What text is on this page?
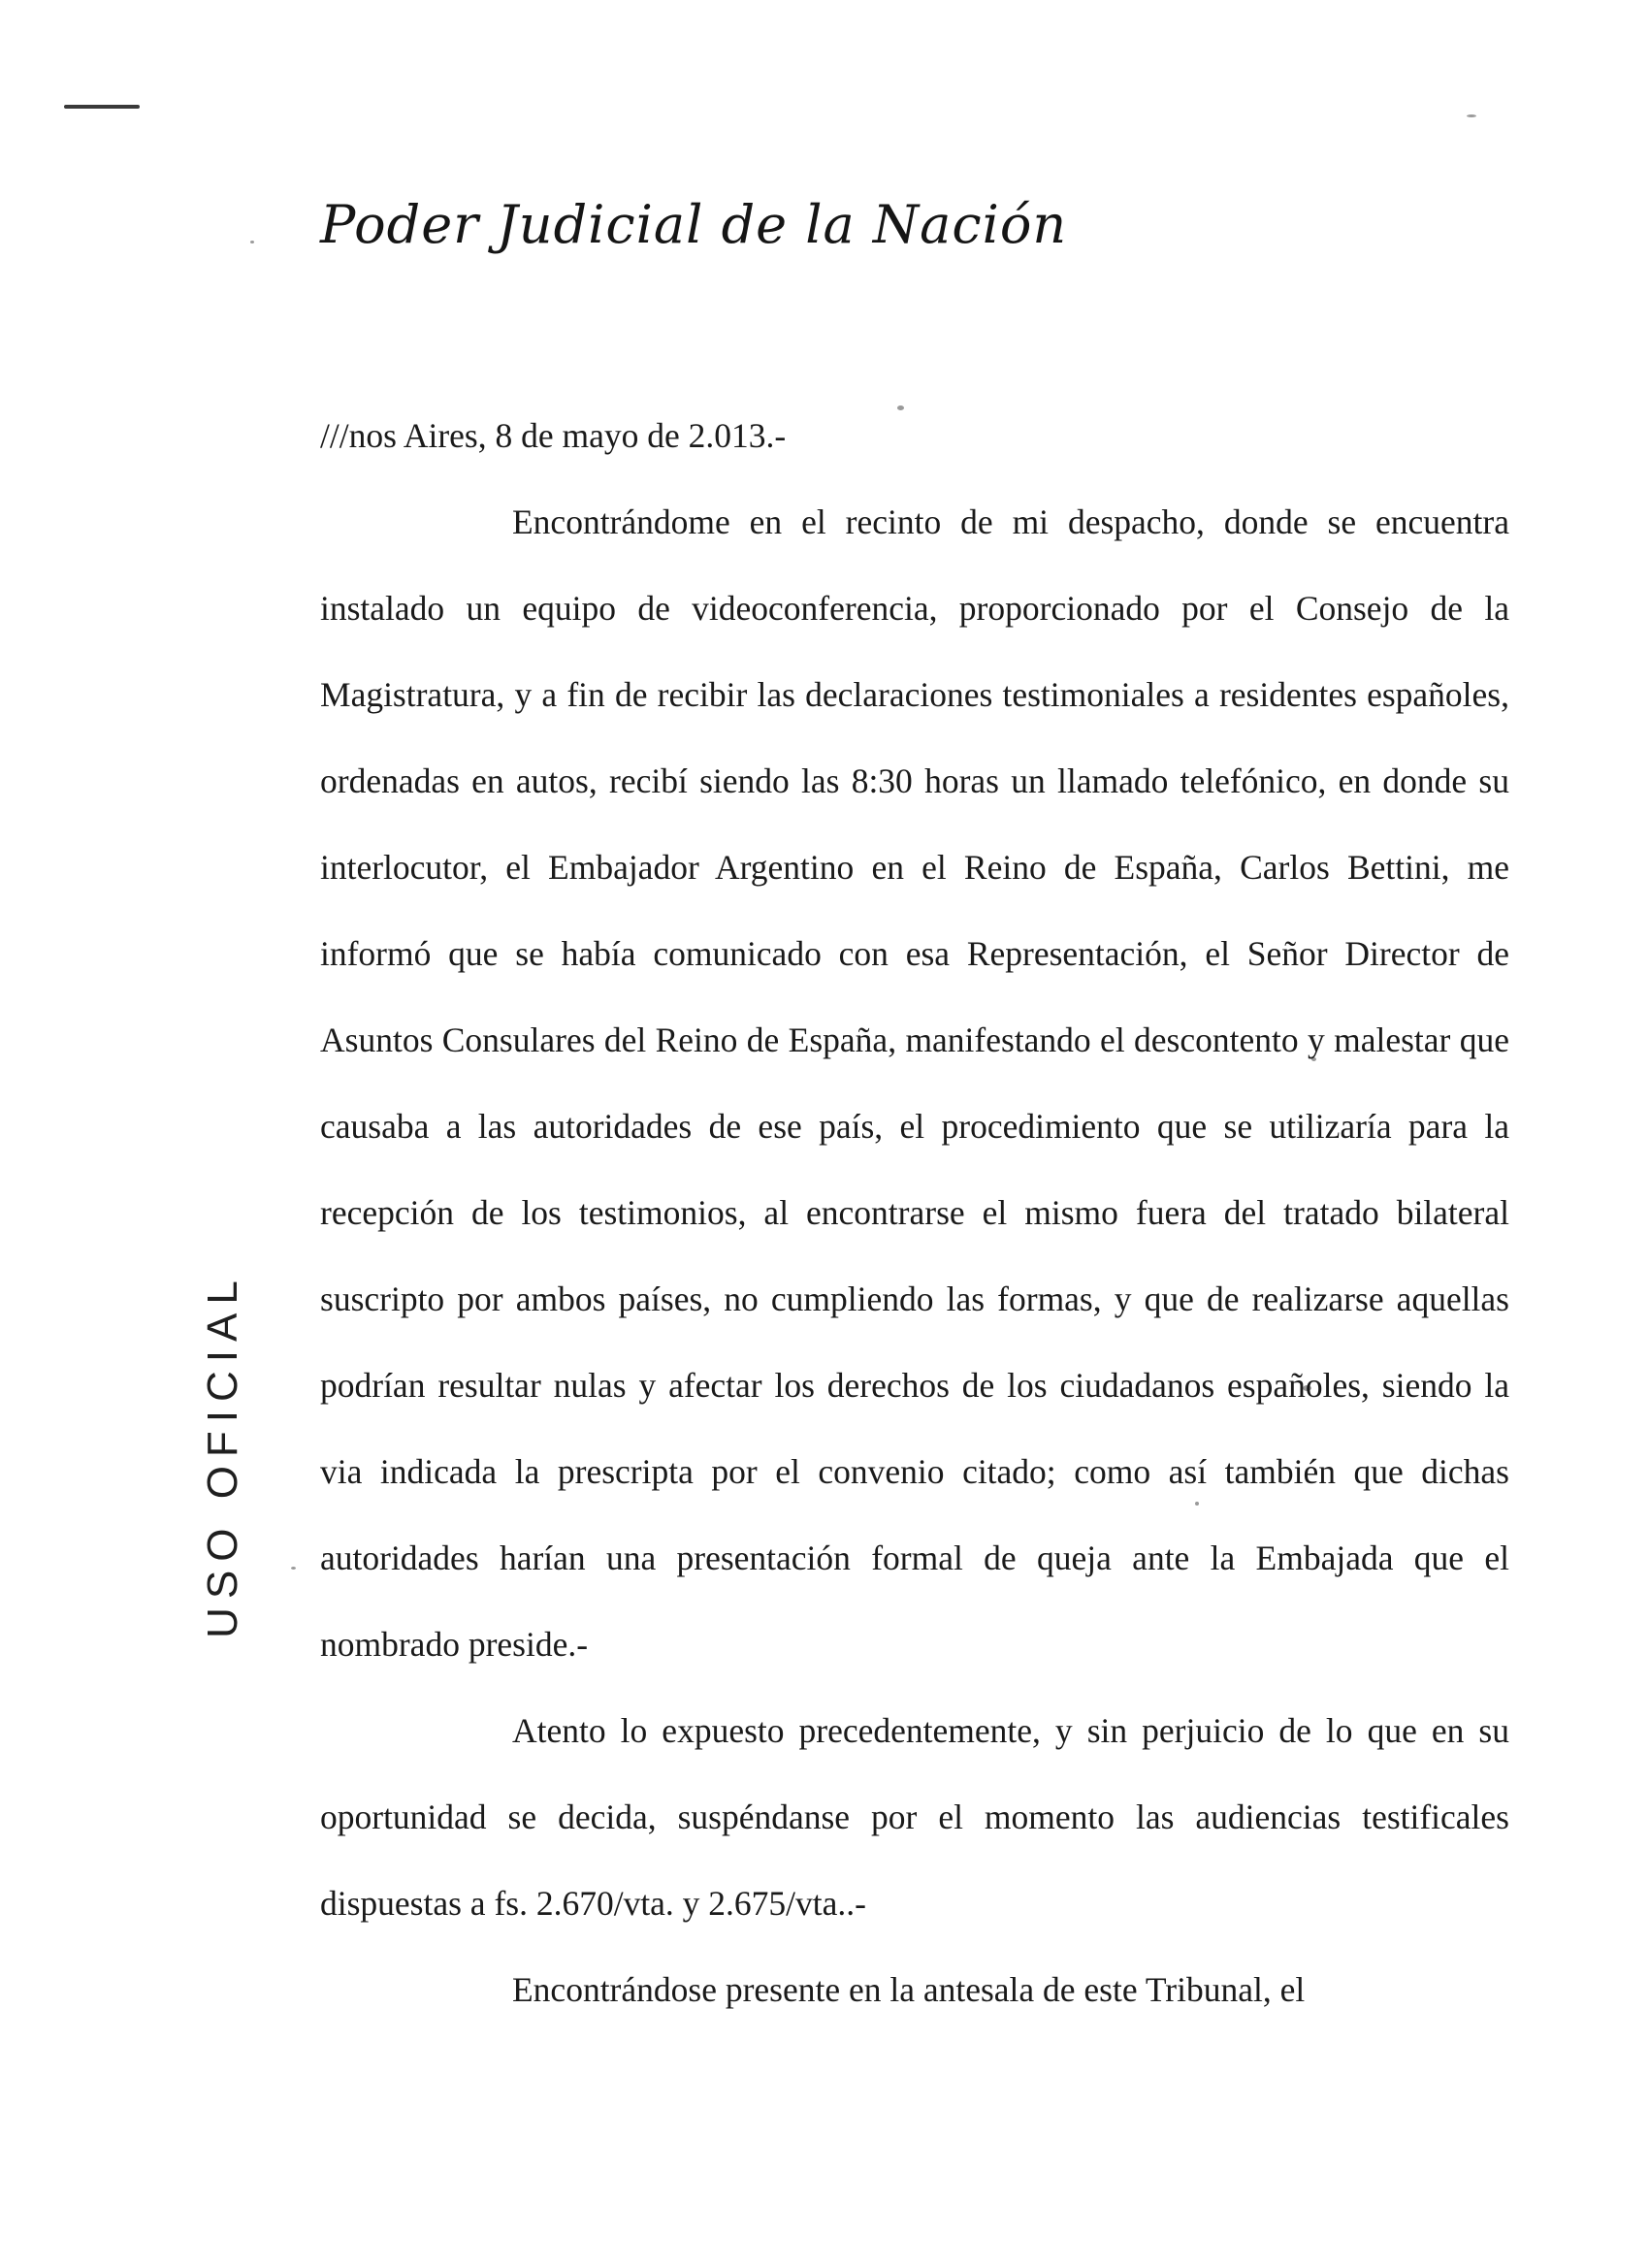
Poder Judicial de la Nación
USO OFICIAL

///nos Aires, 8 de mayo de 2.013.-

Encontrándome en el recinto de mi despacho, donde se encuentra instalado un equipo de videoconferencia, proporcionado por el Consejo de la Magistratura, y a fin de recibir las declaraciones testimoniales a residentes españoles, ordenadas en autos, recibí siendo las 8:30 horas un llamado telefónico, en donde su interlocutor, el Embajador Argentino en el Reino de España, Carlos Bettini, me informó que se había comunicado con esa Representación, el Señor Director de Asuntos Consulares del Reino de España, manifestando el descontento y malestar que causaba a las autoridades de ese país, el procedimiento que se utilizaría para la recepción de los testimonios, al encontrarse el mismo fuera del tratado bilateral suscripto por ambos países, no cumpliendo las formas, y que de realizarse aquellas podrían resultar nulas y afectar los derechos de los ciudadanos españoles, siendo la via indicada la prescripta por el convenio citado; como así también que dichas autoridades harían una presentación formal de queja ante la Embajada que el nombrado preside.-

Atento lo expuesto precedentemente, y sin perjuicio de lo que en su oportunidad se decida, suspéndanse por el momento las audiencias testificales dispuestas a fs. 2.670/vta. y 2.675/vta..-

Encontrándose presente en la antesala de este Tribunal, el
